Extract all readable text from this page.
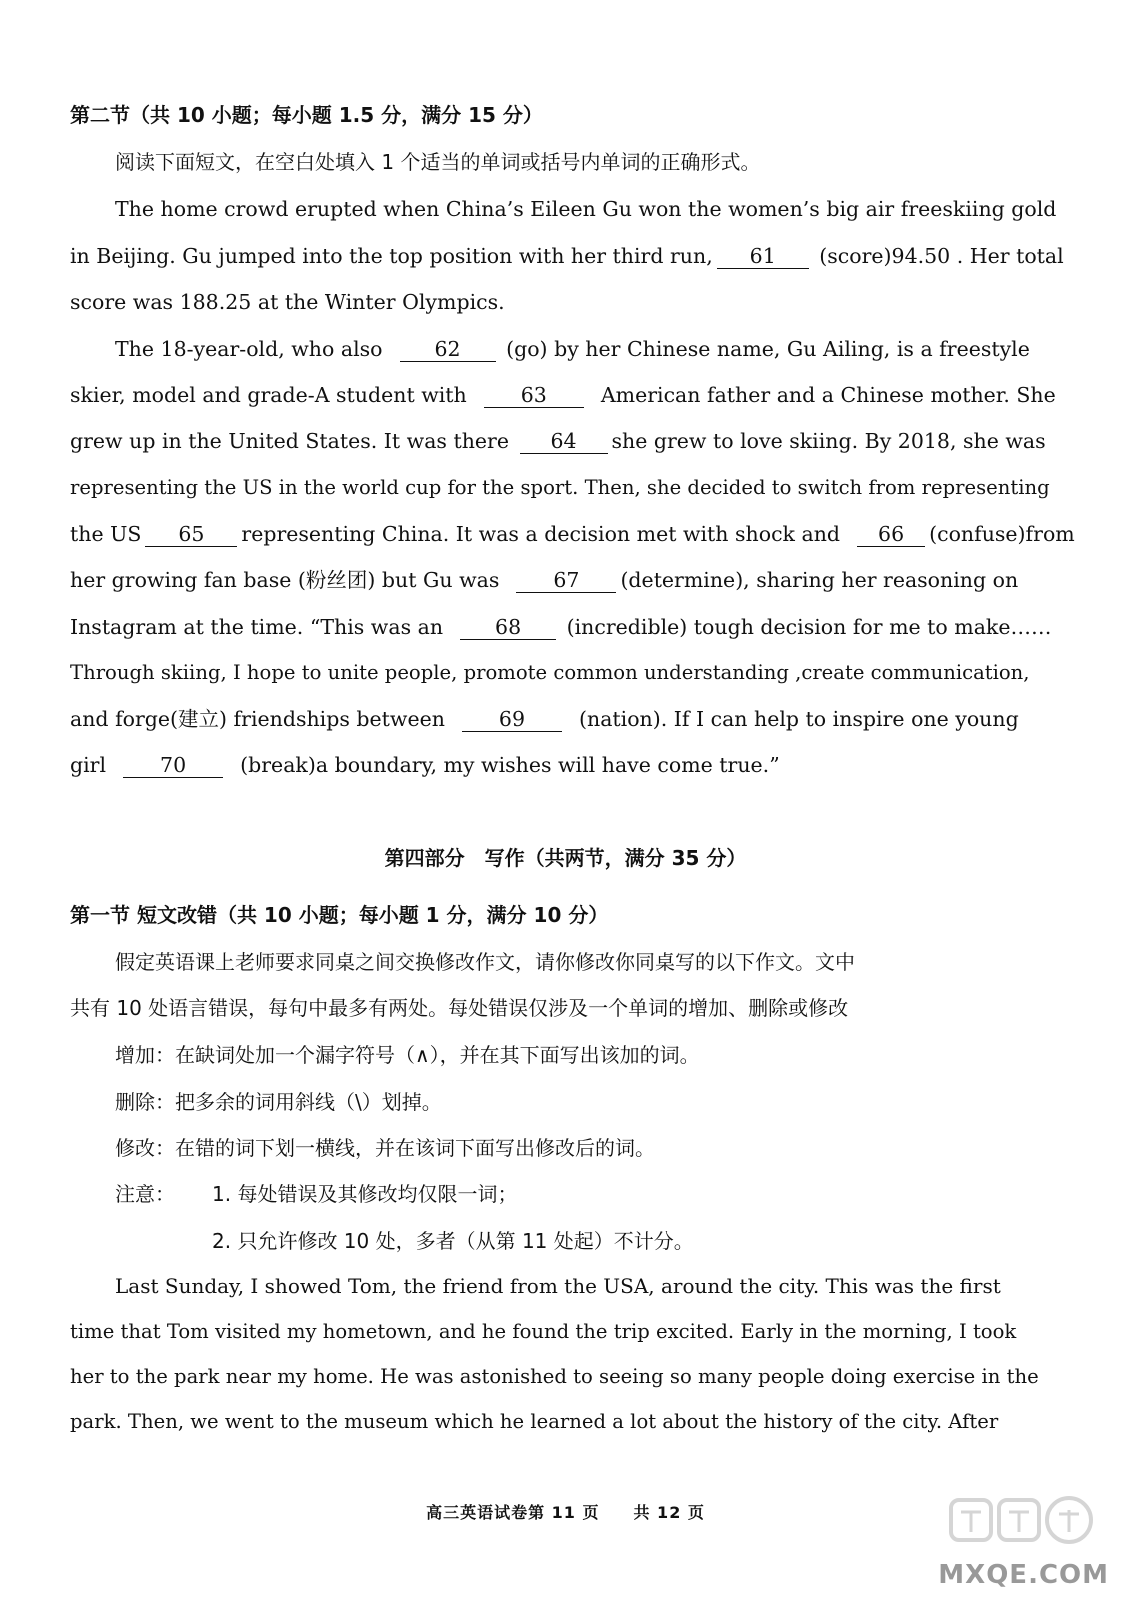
第二节（共 10 小题；每小题 1.5 分，满分 15 分）
阅读下面短文，在空白处填入 1 个适当的单词或括号内单词的正确形式。
The home crowd erupted when China’s Eileen Gu won the women’s big air freeskiing gold
in Beijing. Gu jumped into the top position with her third run, 61 (score)94.50 . Her total
score was 188.25 at the Winter Olympics.
The 18-year-old, who also	62 (go) by her Chinese name, Gu Ailing, is a freestyle
skier, model and grade-A student with	63	American father and a Chinese mother. She
grew up in the United States. It was there 64 she grew to love skiing. By 2018, she was
representing the US in the world cup for the sport. Then, she decided to switch from representing
the US 65 representing China. It was a decision met with shock and 66 (confuse)from
her growing fan base (粉丝团) but Gu was	67 (determine), sharing her reasoning on
Instagram at the time. “This was an	68 (incredible) tough decision for me to make……
Through skiing, I hope to unite people, promote common understanding ,create communication,
and forge(建立) friendships between	69	(nation). If I can help to inspire one young
girl	70	(break)a boundary, my wishes will have come true.”
第四部分　写作（共两节，满分 35 分）
第一节 短文改错（共 10 小题；每小题 1 分，满分 10 分）
假定英语课上老师要求同桌之间交换修改作文，请你修改你同桌写的以下作文。文中
共有 10 处语言错误，每句中最多有两处。每处错误仅涉及一个单词的增加、删除或修改
增加：在缺词处加一个漏字符号（∧），并在其下面写出该加的词。
删除：把多余的词用斜线（\）划掉。
修改：在错的词下划一横线，并在该词下面写出修改后的词。
注意： 1. 每处错误及其修改均仅限一词；
2. 只允许修改 10 处，多者（从第 11 处起）不计分。
Last Sunday, I showed Tom, the friend from the USA, around the city. This was the first
time that Tom visited my hometown, and he found the trip excited. Early in the morning, I took
her to the park near my home. He was astonished to seeing so many people doing exercise in the
park. Then, we went to the museum which he learned a lot about the history of the city. After
高三英语试卷第 11 页　　共 12 页
MXQE.COM
